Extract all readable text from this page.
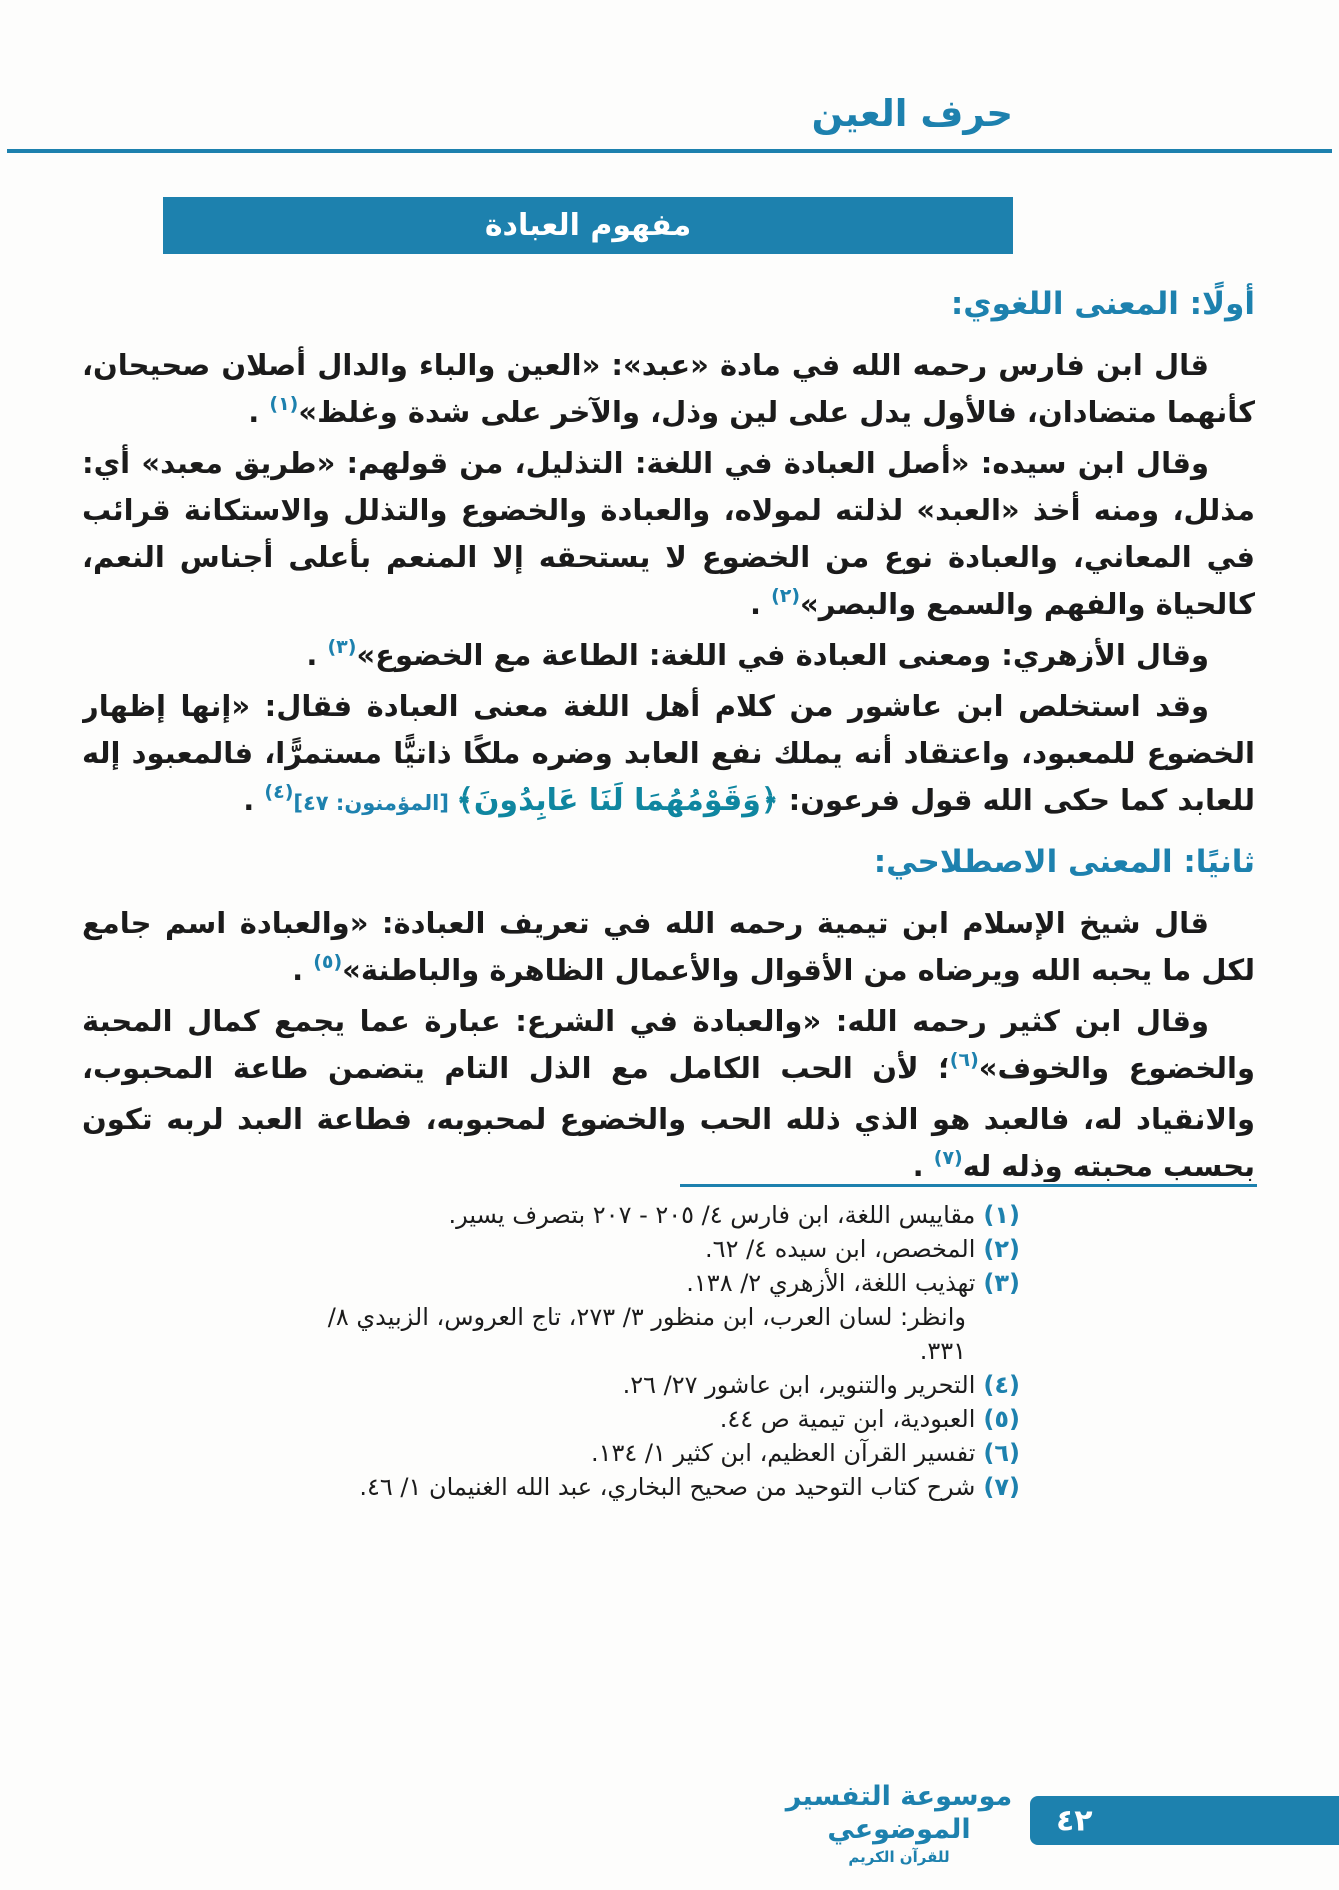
حرف العين
مفهوم العبادة
أولًا: المعنى اللغوي:

قال ابن فارس رحمه الله في مادة «عبد»: «العين والباء والدال أصلان صحيحان، كأنهما متضادان، فالأول يدل على لين وذل، والآخر على شدة وغلظ»$^{(١)}$ .

وقال ابن سيده: «أصل العبادة في اللغة: التذليل، من قولهم: «طريق معبد» أي: مذلل، ومنه أخذ «العبد» لذلته لمولاه، والعبادة والخضوع والتذلل والاستكانة قرائب في المعاني، والعبادة نوع من الخضوع لا يستحقه إلا المنعم بأعلى أجناس النعم، كالحياة والفهم والسمع والبصر»$^{(٢)}$ .

وقال الأزهري: ومعنى العبادة في اللغة: الطاعة مع الخضوع»$^{(٣)}$ .

وقد استخلص ابن عاشور من كلام أهل اللغة معنى العبادة فقال: «إنها إظهار الخضوع للمعبود، واعتقاد أنه يملك نفع العابد وضره ملكًا ذاتيًّا مستمرًّا، فالمعبود إله للعابد كما حكى الله قول فرعون: ﴿وَقَوْمُهُمَا لَنَا عَابِدُونَ﴾ [المؤمنون: ٤٧]$^{(٤)}$ .

ثانيًا: المعنى الاصطلاحي:

قال شيخ الإسلام ابن تيمية رحمه الله في تعريف العبادة: «والعبادة اسم جامع لكل ما يحبه الله ويرضاه من الأقوال والأعمال الظاهرة والباطنة»$^{(٥)}$ .

وقال ابن كثير رحمه الله: «والعبادة في الشرع: عبارة عما يجمع كمال المحبة والخضوع والخوف»$^{(٦)}$؛ لأن الحب الكامل مع الذل التام يتضمن طاعة المحبوب، والانقياد له، فالعبد هو الذي ذلله الحب والخضوع لمحبوبه، فطاعة العبد لربه تكون بحسب محبته وذله له$^{(٧)}$ .

(١)مقاييس اللغة، ابن فارس ٤/ ٢٠٥ - ٢٠٧ بتصرف يسير.
(٢)المخصص، ابن سيده ٤/ ٦٢.
(٣)تهذيب اللغة، الأزهري ٢/ ١٣٨.
وانظر: لسان العرب، ابن منظور ٣/ ٢٧٣، تاج العروس، الزبيدي ٨/ ٣٣١.
(٤)التحرير والتنوير، ابن عاشور ٢٧/ ٢٦.
(٥)العبودية، ابن تيمية ص ٤٤.
(٦)تفسير القرآن العظيم، ابن كثير ١/ ١٣٤.
(٧)شرح كتاب التوحيد من صحيح البخاري، عبد الله الغنيمان ١/ ٤٦.
موسوعة التفسير الموضوعي
للقرآن الكريم
٤٢
